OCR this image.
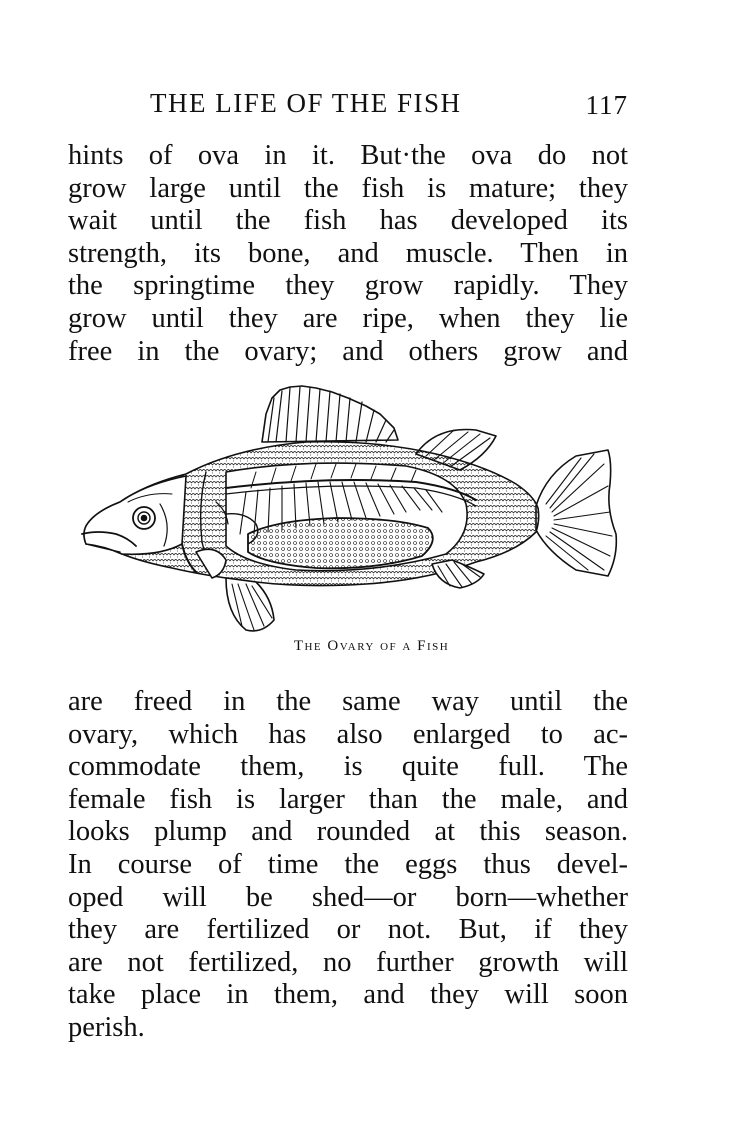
THE LIFE OF THE FISH	117
hints of ova in it. But·the ova do not
grow large until the fish is mature; they
wait until the fish has developed its
strength, its bone, and muscle. Then in
the springtime they grow rapidly. They
grow until they are ripe, when they lie
free in the ovary; and others grow and
The Ovary of a Fish
are freed in the same way until the
ovary, which has also enlarged to ac-
commodate them, is quite full. The
female fish is larger than the male, and
looks plump and rounded at this season.
In course of time the eggs thus devel-
oped will be shed—or born—whether
they are fertilized or not. But, if they
are not fertilized, no further growth will
take place in them, and they will soon
perish.
